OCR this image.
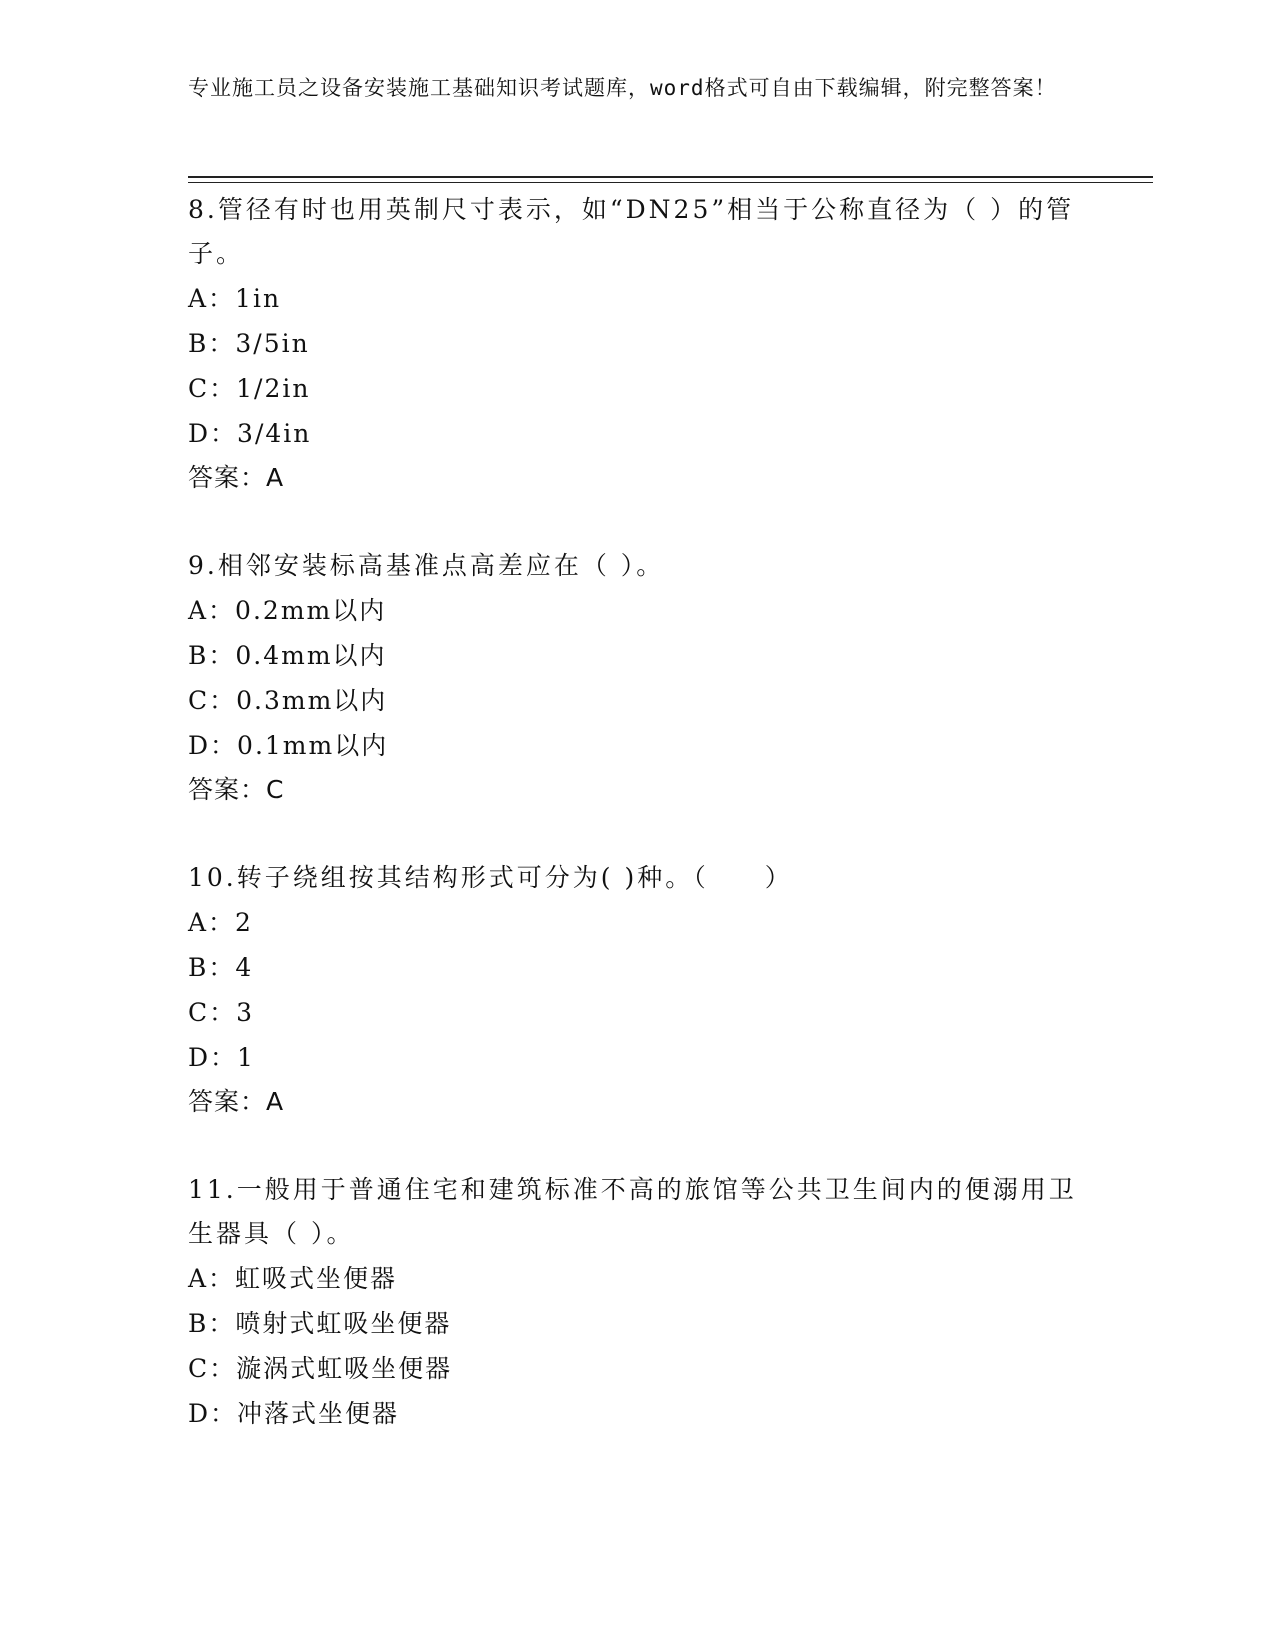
专业施工员之设备安装施工基础知识考试题库，word格式可自由下载编辑，附完整答案！

8.管径有时也用英制尺寸表示，如“DN25”相当于公称直径为（ ）的管子。

A：1in

B：3/5in

C：1/2in

D：3/4in

答案：A

9.相邻安装标高基准点高差应在（ ）。

A：0.2mm以内

B：0.4mm以内

C：0.3mm以内

D：0.1mm以内

答案：C

10.转子绕组按其结构形式可分为( )种。（　　）

A：2

B：4

C：3

D：1

答案：A

11.一般用于普通住宅和建筑标准不高的旅馆等公共卫生间内的便溺用卫生器具（ ）。

A：虹吸式坐便器

B：喷射式虹吸坐便器

C：漩涡式虹吸坐便器

D：冲落式坐便器
